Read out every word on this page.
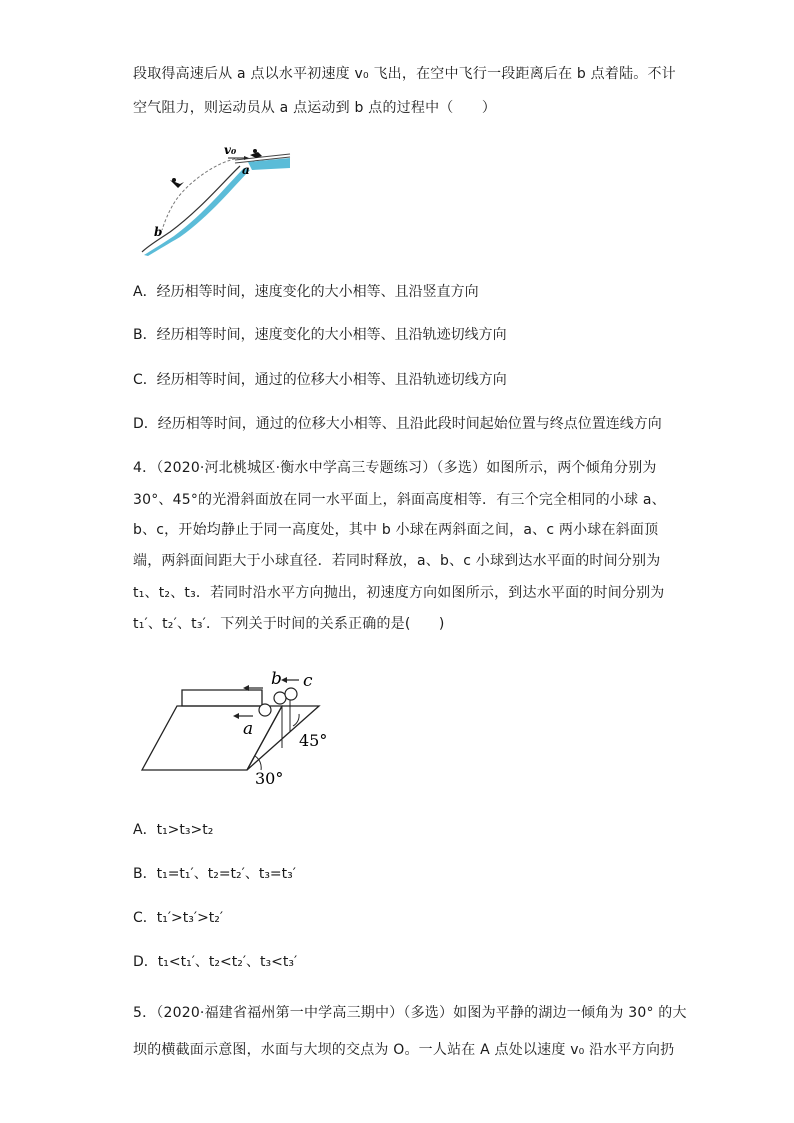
段取得高速后从 a 点以水平初速度 v₀ 飞出，在空中飞行一段距离后在 b 点着陆。不计
空气阻力，则运动员从 a 点运动到 b 点的过程中（　　）
v₀
a
b
A．经历相等时间，速度变化的大小相等、且沿竖直方向
B．经历相等时间，速度变化的大小相等、且沿轨迹切线方向
C．经历相等时间，通过的位移大小相等、且沿轨迹切线方向
D．经历相等时间，通过的位移大小相等、且沿此段时间起始位置与终点位置连线方向
4．（2020·河北桃城区·衡水中学高三专题练习）（多选）如图所示，两个倾角分别为
30°、45°的光滑斜面放在同一水平面上，斜面高度相等．有三个完全相同的小球 a、
b、c，开始均静止于同一高度处，其中 b 小球在两斜面之间，a、c 两小球在斜面顶
端，两斜面间距大于小球直径．若同时释放，a、b、c 小球到达水平面的时间分别为
t₁、t₂、t₃．若同时沿水平方向抛出，初速度方向如图所示，到达水平面的时间分别为
t₁′、t₂′、t₃′．下列关于时间的关系正确的是(　　)
a
b c
45°
30°
A．t₁>t₃>t₂
B．t₁=t₁′、t₂=t₂′、t₃=t₃′
C．t₁′>t₃′>t₂′
D．t₁<t₁′、t₂<t₂′、t₃<t₃′
5．（2020·福建省福州第一中学高三期中）（多选）如图为平静的湖边一倾角为 30° 的大
坝的横截面示意图，水面与大坝的交点为 O。一人站在 A 点处以速度 v₀ 沿水平方向扔
